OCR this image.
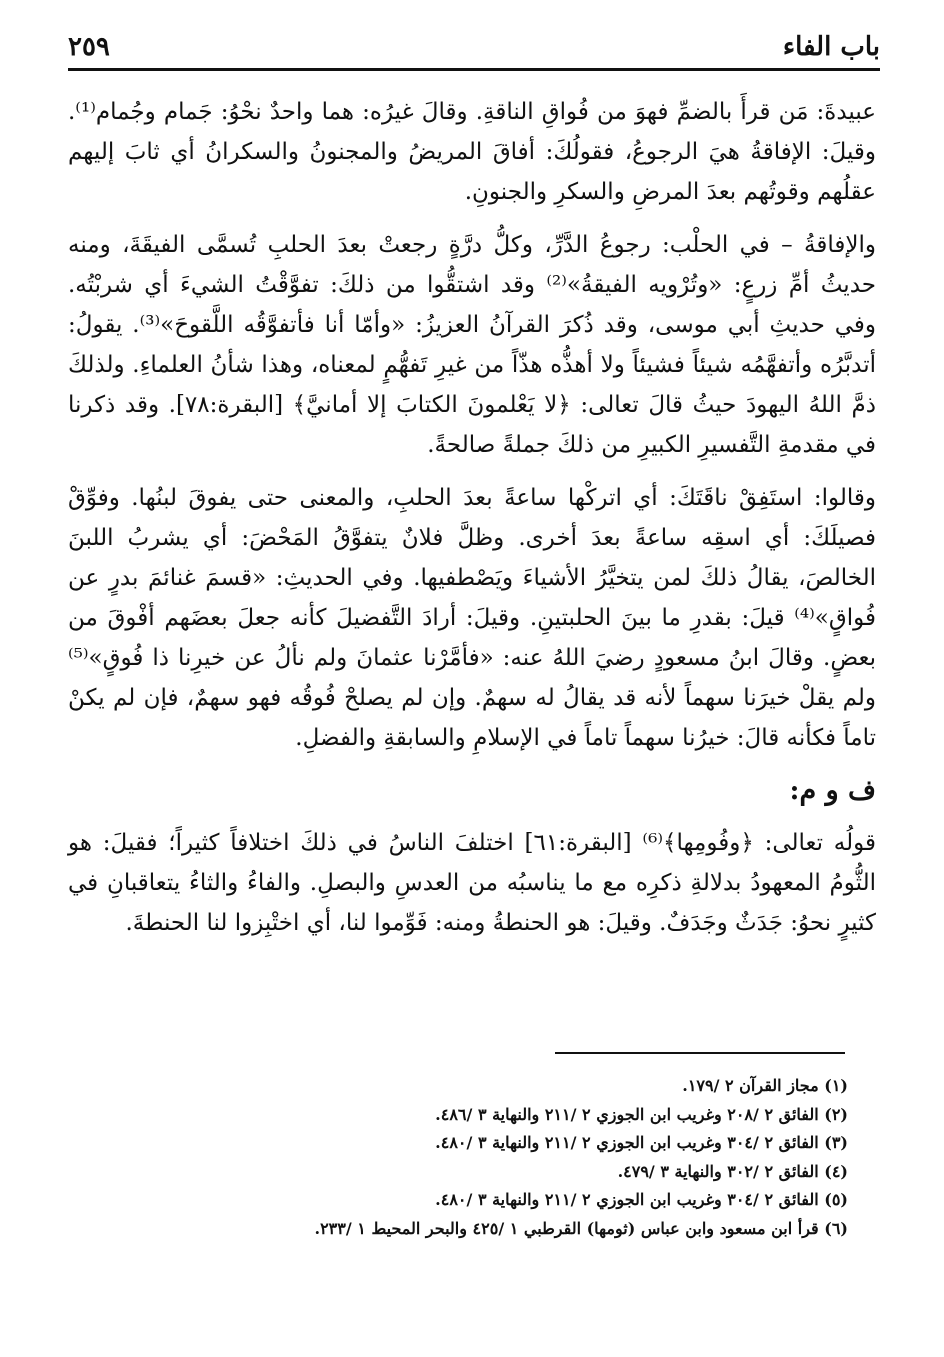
باب الفاء
٢٥٩

عبيدةَ: مَن قرأَ بالضمِّ فهوَ من فُواقِ الناقةِ. وقالَ غيرُه: هما واحدٌ نحْوُ: جَمام وجُمام⁽¹⁾. وقيلَ: الإفاقةُ هيَ الرجوعُ، فقولُكَ: أفاقَ المريضُ والمجنونُ والسكرانُ أي ثابَ إليهم عقلُهم وقوتُهم بعدَ المرضِ والسكرِ والجنونِ.

والإفاقةُ – في الحلْب: رجوعُ الدَّرِّ، وكلُّ درَّةٍ رجعتْ بعدَ الحلبِ تُسمَّى الفيقَةَ، ومنه حديثُ أمِّ زرعٍ: «وتُرْويه الفيقةُ»⁽²⁾ وقد اشتقُّوا من ذلكَ: تفوَّقْتُ الشيءَ أي شربْتُه. وفي حديثِ أبي موسى، وقد ذُكرَ القرآنُ العزيزُ: «وأمّا أنا فأتفوَّقُه اللَّقوحَ»⁽³⁾. يقولُ: أتدبَّرُه وأتفهَّمُه شيئاً فشيئاً ولا أهذُّه هذّاً من غيرِ تَفهُّمٍ لمعناه، وهذا شأنُ العلماءِ. ولذلكَ ذمَّ اللهُ اليهودَ حيثُ قالَ تعالى: ﴿لا يَعْلمونَ الكتابَ إلا أمانيَّ﴾ [البقرة:٧٨]. وقد ذكرنا في مقدمةِ التَّفسيرِ الكبيرِ من ذلكَ جملةً صالحةً.

وقالوا: استَفِقْ ناقَتَكَ: أي اتركْها ساعةً بعدَ الحلبِ، والمعنى حتى يفوقَ لبنُها. وفوِّقْ فصيلَكَ: أي اسقِه ساعةً بعدَ أخرى. وظلَّ فلانٌ يتفوَّقُ المَحْضَ: أي يشربُ اللبنَ الخالصَ، يقالُ ذلكَ لمن يتخيَّرُ الأشياءَ ويَصْطفيها. وفي الحديثِ: «قسمَ غنائمَ بدرٍ عن فُواقٍ»⁽⁴⁾ قيلَ: بقدرِ ما بينَ الحلبتينِ. وقيلَ: أرادَ التَّفضيلَ كأنه جعلَ بعضَهم أفْوقَ من بعضٍ. وقالَ ابنُ مسعودٍ رضيَ اللهُ عنه: «فأمَّرْنا عثمانَ ولم نألُ عن خيرِنا ذا فُوقٍ»⁽⁵⁾ ولم يقلْ خيرَنا سهماً لأنه قد يقالُ له سهمٌ. وإن لم يصلحْ فُوقُه فهو سهمٌ، فإن لم يكنْ تاماً فكأنه قالَ: خيرُنا سهماً تاماً في الإسلامِ والسابقةِ والفضلِ.

ف و م:

قولُه تعالى: ﴿وفُومِها﴾⁽⁶⁾ [البقرة:٦١] اختلفَ الناسُ في ذلكَ اختلافاً كثيراً؛ فقيلَ: هو الثُّومُ المعهودُ بدلالةِ ذكرِه مع ما يناسبُه من العدسِ والبصلِ. والفاءُ والثاءُ يتعاقبانِ في كثيرٍ نحوُ: جَدَثٌ وجَدَفٌ. وقيلَ: هو الحنطةُ ومنه: فَوِّموا لنا، أي اختْبِزوا لنا الحنطةَ.

(١) مجاز القرآن ٢ /١٧٩.
(٢) الفائق ٢ /٢٠٨ وغريب ابن الجوزي ٢ /٢١١ والنهاية ٣ /٤٨٦.
(٣) الفائق ٢ /٣٠٤ وغريب ابن الجوزي ٢ /٢١١ والنهاية ٣ /٤٨٠.
(٤) الفائق ٢ /٣٠٢ والنهاية ٣ /٤٧٩.
(٥) الفائق ٢ /٣٠٤ وغريب ابن الجوزي ٢ /٢١١ والنهاية ٣ /٤٨٠.
(٦) قرأ ابن مسعود وابن عباس (ثومها) القرطبي ١ /٤٢٥ والبحر المحيط ١ /٢٣٣.
